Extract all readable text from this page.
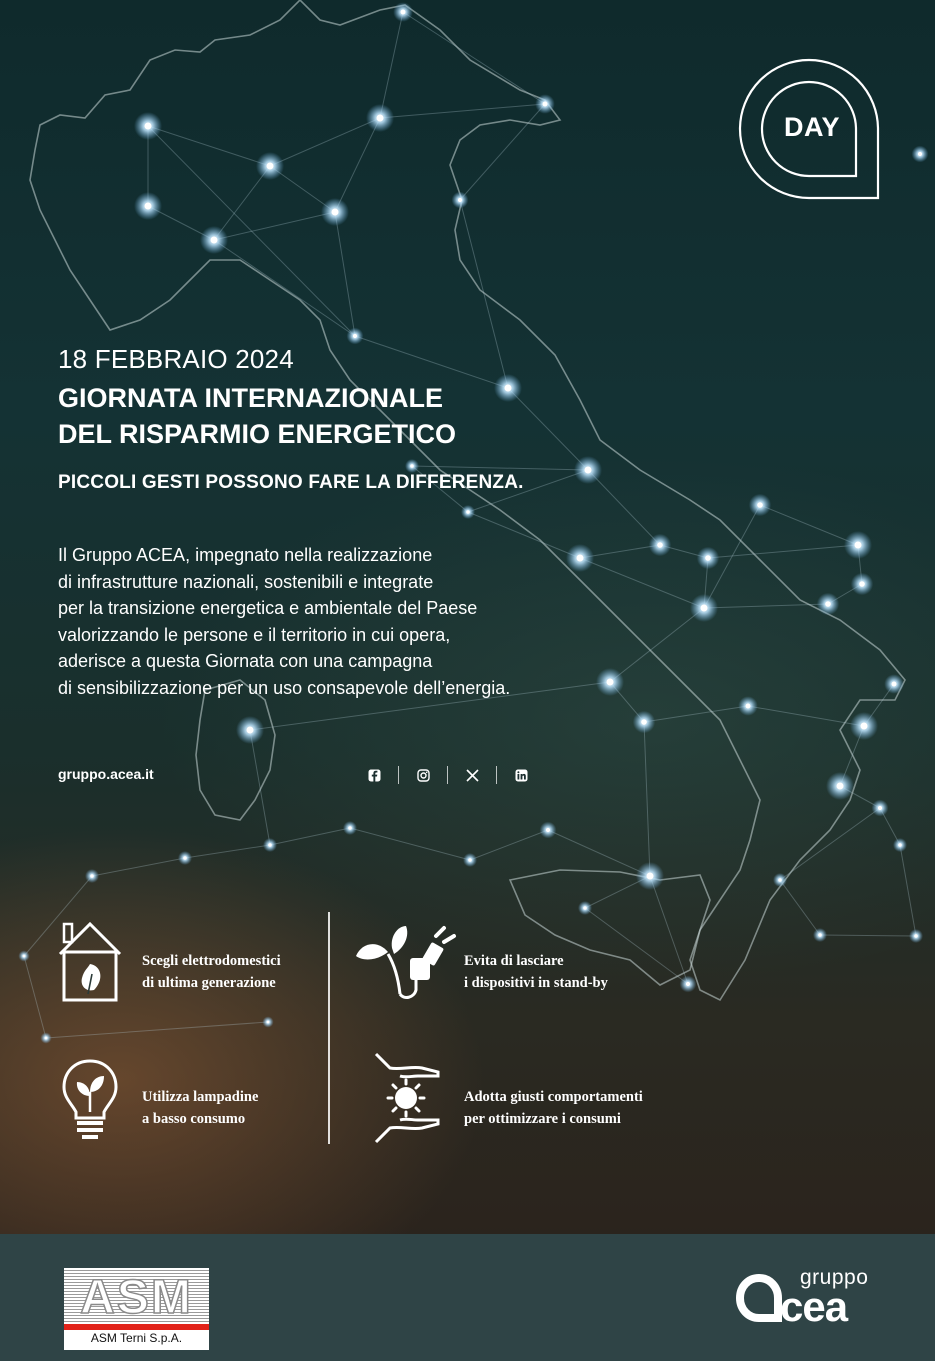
DAY
18 FEBBRAIO 2024
GIORNATA INTERNAZIONALE
DEL RISPARMIO ENERGETICO
PICCOLI GESTI POSSONO FARE LA DIFFERENZA.

Il Gruppo ACEA, impegnato nella realizzazione

di infrastrutture nazionali, sostenibili e integrate

per la transizione energetica e ambientale del Paese

valorizzando le persone e il territorio in cui opera,

aderisce a questa Giornata con una campagna

di sensibilizzazione per un uso consapevole dell’energia.

gruppo.acea.it
Scegli elettrodomestici
di ultima generazione
Evita di lasciare
i dispositivi in stand-by
Utilizza lampadine
a basso consumo
Adotta giusti comportamenti
per ottimizzare i consumi
ASM
ASM Terni S.p.A.
gruppo
cea
